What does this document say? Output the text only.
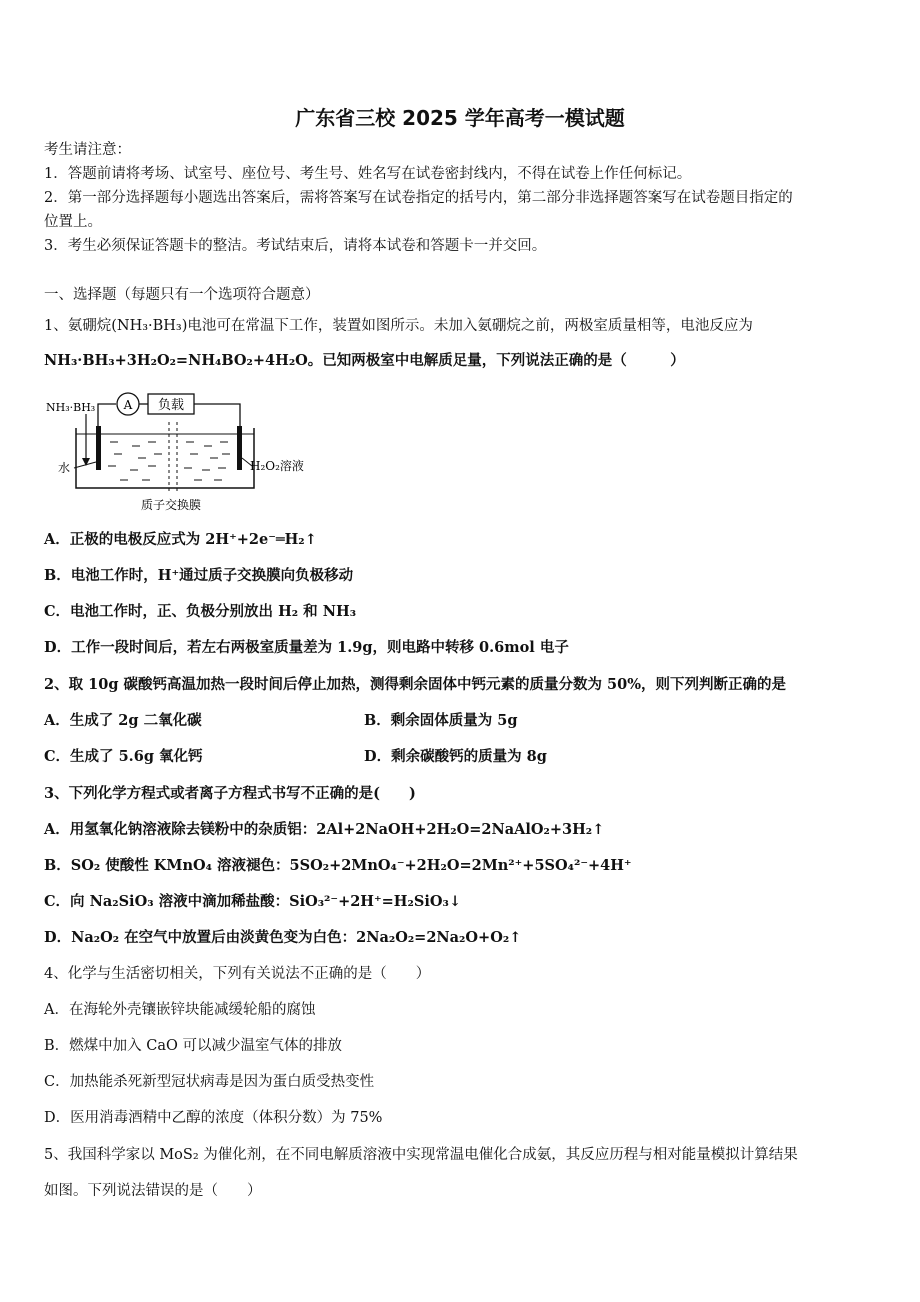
广东省三校 2025 学年高考一模试题
考生请注意：
1．答题前请将考场、试室号、座位号、考生号、姓名写在试卷密封线内，不得在试卷上作任何标记。
2．第一部分选择题每小题选出答案后，需将答案写在试卷指定的括号内，第二部分非选择题答案写在试卷题目指定的
位置上。
3．考生必须保证答题卡的整洁。考试结束后，请将本试卷和答题卡一并交回。
一、选择题（每题只有一个选项符合题意）
1、氨硼烷(NH₃·BH₃)电池可在常温下工作，装置如图所示。未加入氨硼烷之前，两极室质量相等，电池反应为
NH₃·BH₃+3H₂O₂=NH₄BO₂+4H₂O。已知两极室中电解质足量，下列说法正确的是（　　　）
A 负载
NH₃·BH₃
水	H₂O₂溶液
质子交换膜
A．正极的电极反应式为 2H⁺+2e⁻═H₂↑
B．电池工作时，H⁺通过质子交换膜向负极移动
C．电池工作时，正、负极分别放出 H₂ 和 NH₃
D．工作一段时间后，若左右两极室质量差为 1.9g，则电路中转移 0.6mol 电子
2、取 10g 碳酸钙高温加热一段时间后停止加热，测得剩余固体中钙元素的质量分数为 50%，则下列判断正确的是
A．生成了 2g 二氧化碳	B．剩余固体质量为 5g
C．生成了 5.6g 氧化钙	D．剩余碳酸钙的质量为 8g
3、下列化学方程式或者离子方程式书写不正确的是(　　)
A．用氢氧化钠溶液除去镁粉中的杂质铝：2Al+2NaOH+2H₂O=2NaAlO₂+3H₂↑
B．SO₂ 使酸性 KMnO₄ 溶液褪色：5SO₂+2MnO₄⁻+2H₂O=2Mn²⁺+5SO₄²⁻+4H⁺
C．向 Na₂SiO₃ 溶液中滴加稀盐酸：SiO₃²⁻+2H⁺=H₂SiO₃↓
D．Na₂O₂ 在空气中放置后由淡黄色变为白色：2Na₂O₂=2Na₂O+O₂↑
4、化学与生活密切相关，下列有关说法不正确的是（　　）
A．在海轮外壳镶嵌锌块能减缓轮船的腐蚀
B．燃煤中加入 CaO 可以减少温室气体的排放
C．加热能杀死新型冠状病毒是因为蛋白质受热变性
D．医用消毒酒精中乙醇的浓度（体积分数）为 75%
5、我国科学家以 MoS₂ 为催化剂，在不同电解质溶液中实现常温电催化合成氨，其反应历程与相对能量模拟计算结果
如图。下列说法错误的是（　　）
